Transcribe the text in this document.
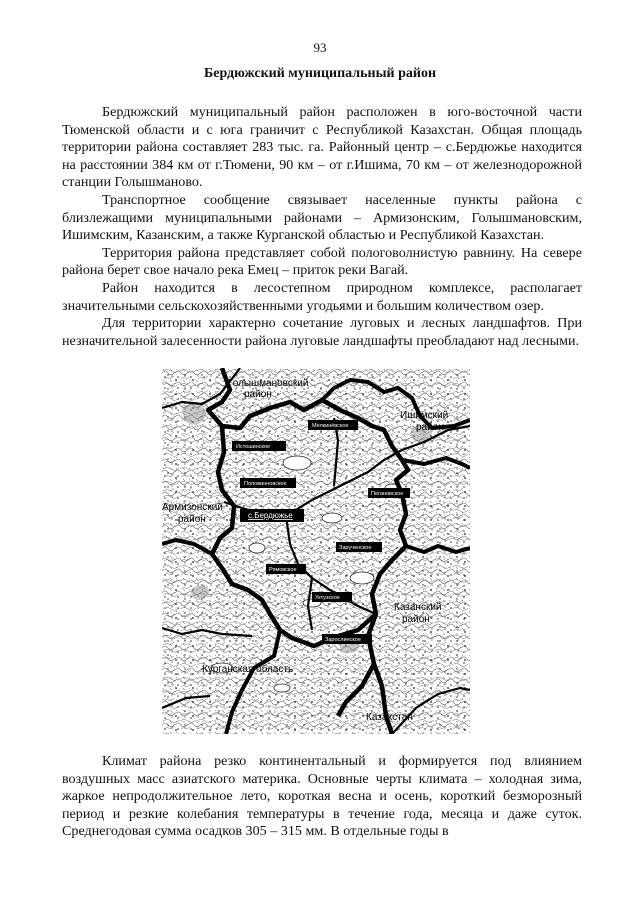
93
Бердюжский муниципальный район

Бердюжский муниципальный район расположен в юго-восточной части Тюменской области и с юга граничит с Республикой Казахстан. Общая площадь территории района составляет 283 тыс. га. Районный центр – с.Бердюжье находится на расстоянии 384 км от г.Тюмени, 90 км – от г.Ишима, 70 км – от железнодорожной станции Голышманово.

Транспортное сообщение связывает населенные пункты района с близлежащими муниципальными районами – Армизонским, Голышмановским, Ишимским, Казанским, а также Курганской областью и Республикой Казахстан.

Территория района представляет собой пологоволнистую равнину. На севере района берет свое начало река Емец – приток реки Вагай.

Район находится в лесостепном природном комплексе, располагает значительными сельскохозяйственными угодьями и большим количеством озер.

Для территории характерно сочетание луговых и лесных ландшафтов. При незначительной залесенности района луговые ландшафты преобладают над лесными.

Голышмановский
район
Ишимский
район
Армизонский
район
Казанский
район
Курганская область
Казахстан
Мелкинёвское
Истошинское
Половинновское
с.Бердюжье
Пегановское
Зарученское
Рямовское
Уктузское
Зарослинское

Климат района резко континентальный и формируется под влиянием воздушных масс азиатского материка. Основные черты климата – холодная зима, жаркое непродолжительное лето, короткая весна и осень, короткий безморозный период и резкие колебания температуры в течение года, месяца и даже суток. Среднегодовая сумма осадков 305 – 315 мм. В отдельные годы в
